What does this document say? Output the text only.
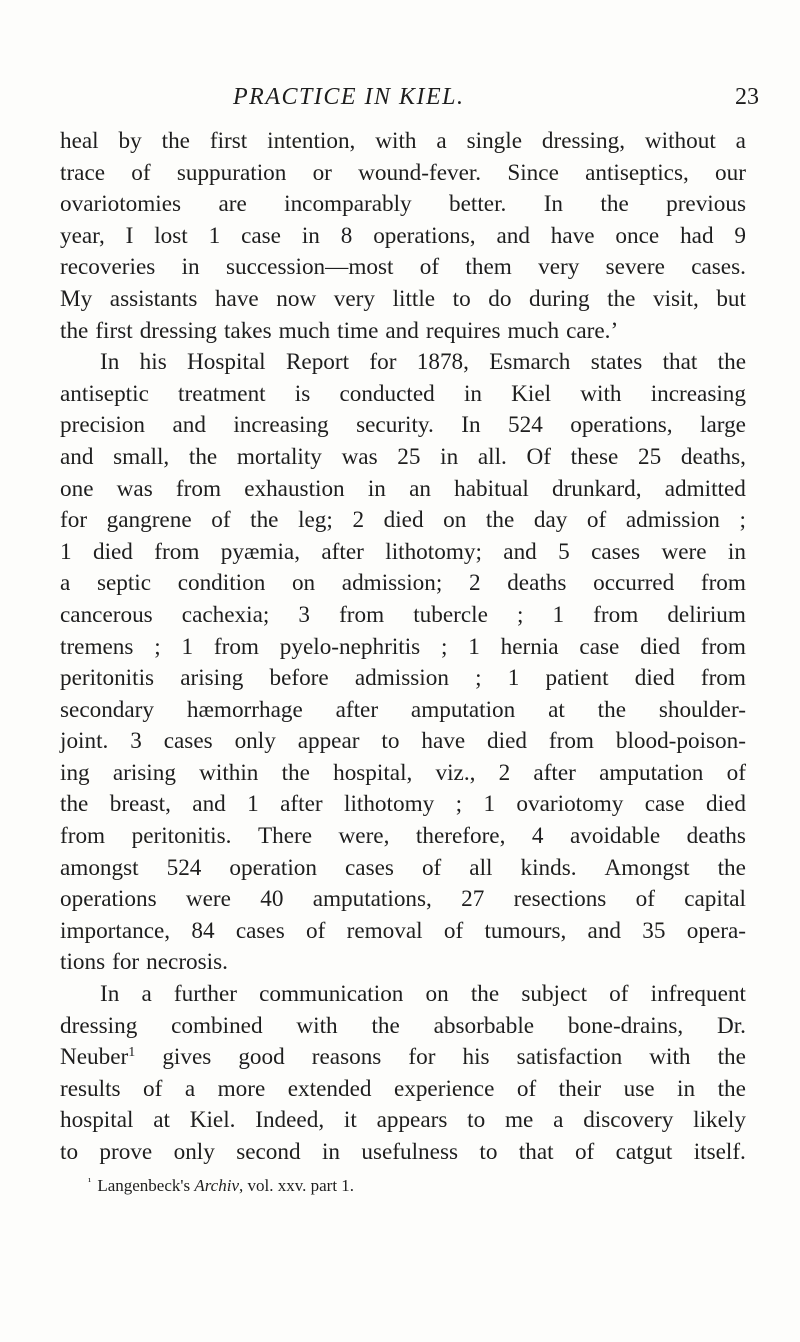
PRACTICE IN KIEL.	23
heal by the first intention, with a single dressing, without a
trace of suppuration or wound-fever. Since antiseptics, our
ovariotomies are incomparably better. In the previous
year, I lost 1 case in 8 operations, and have once had 9
recoveries in succession—most of them very severe cases.
My assistants have now very little to do during the visit, but
the first dressing takes much time and requires much care.’
In his Hospital Report for 1878, Esmarch states that the
antiseptic treatment is conducted in Kiel with increasing
precision and increasing security. In 524 operations, large
and small, the mortality was 25 in all. Of these 25 deaths,
one was from exhaustion in an habitual drunkard, admitted
for gangrene of the leg; 2 died on the day of admission ;
1 died from pyæmia, after lithotomy; and 5 cases were in
a septic condition on admission; 2 deaths occurred from
cancerous cachexia; 3 from tubercle ; 1 from delirium
tremens ; 1 from pyelo-nephritis ; 1 hernia case died from
peritonitis arising before admission ; 1 patient died from
secondary hæmorrhage after amputation at the shoulder-
joint. 3 cases only appear to have died from blood-poison-
ing arising within the hospital, viz., 2 after amputation of
the breast, and 1 after lithotomy ; 1 ovariotomy case died
from peritonitis. There were, therefore, 4 avoidable deaths
amongst 524 operation cases of all kinds. Amongst the
operations were 40 amputations, 27 resections of capital
importance, 84 cases of removal of tumours, and 35 opera-
tions for necrosis.
In a further communication on the subject of infrequent
dressing combined with the absorbable bone-drains, Dr.
Neuber$^1$ gives good reasons for his satisfaction with the
results of a more extended experience of their use in the
hospital at Kiel. Indeed, it appears to me a discovery likely
to prove only second in usefulness to that of catgut itself.
$^{^1}$ Langenbeck's Archiv, vol. xxv. part 1.
